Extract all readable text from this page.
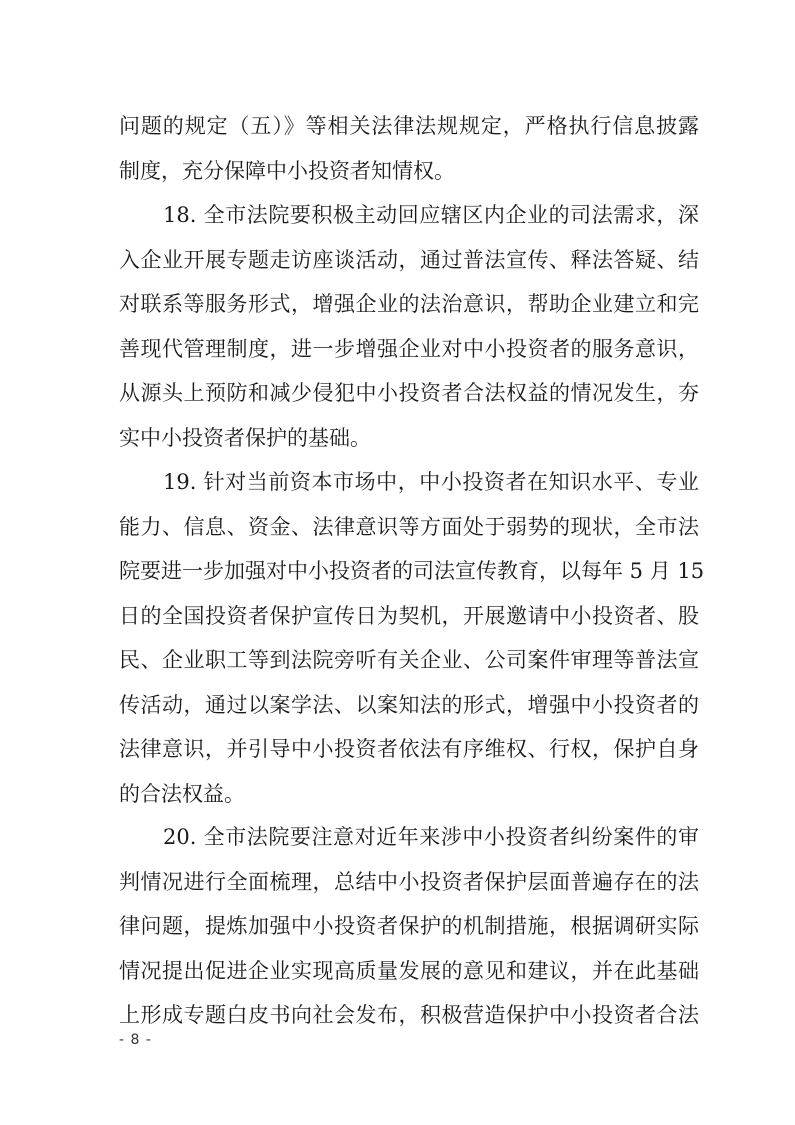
问题的规定（五）》等相关法律法规规定，严格执行信息披露
制度，充分保障中小投资者知情权。
18. 全市法院要积极主动回应辖区内企业的司法需求，深
入企业开展专题走访座谈活动，通过普法宣传、释法答疑、结
对联系等服务形式，增强企业的法治意识，帮助企业建立和完
善现代管理制度，进一步增强企业对中小投资者的服务意识，
从源头上预防和减少侵犯中小投资者合法权益的情况发生，夯
实中小投资者保护的基础。
19. 针对当前资本市场中，中小投资者在知识水平、专业
能力、信息、资金、法律意识等方面处于弱势的现状，全市法
院要进一步加强对中小投资者的司法宣传教育，以每年 5 月 15
日的全国投资者保护宣传日为契机，开展邀请中小投资者、股
民、企业职工等到法院旁听有关企业、公司案件审理等普法宣
传活动，通过以案学法、以案知法的形式，增强中小投资者的
法律意识，并引导中小投资者依法有序维权、行权，保护自身
的合法权益。
20. 全市法院要注意对近年来涉中小投资者纠纷案件的审
判情况进行全面梳理，总结中小投资者保护层面普遍存在的法
律问题，提炼加强中小投资者保护的机制措施，根据调研实际
情况提出促进企业实现高质量发展的意见和建议，并在此基础
上形成专题白皮书向社会发布，积极营造保护中小投资者合法
- 8 -
